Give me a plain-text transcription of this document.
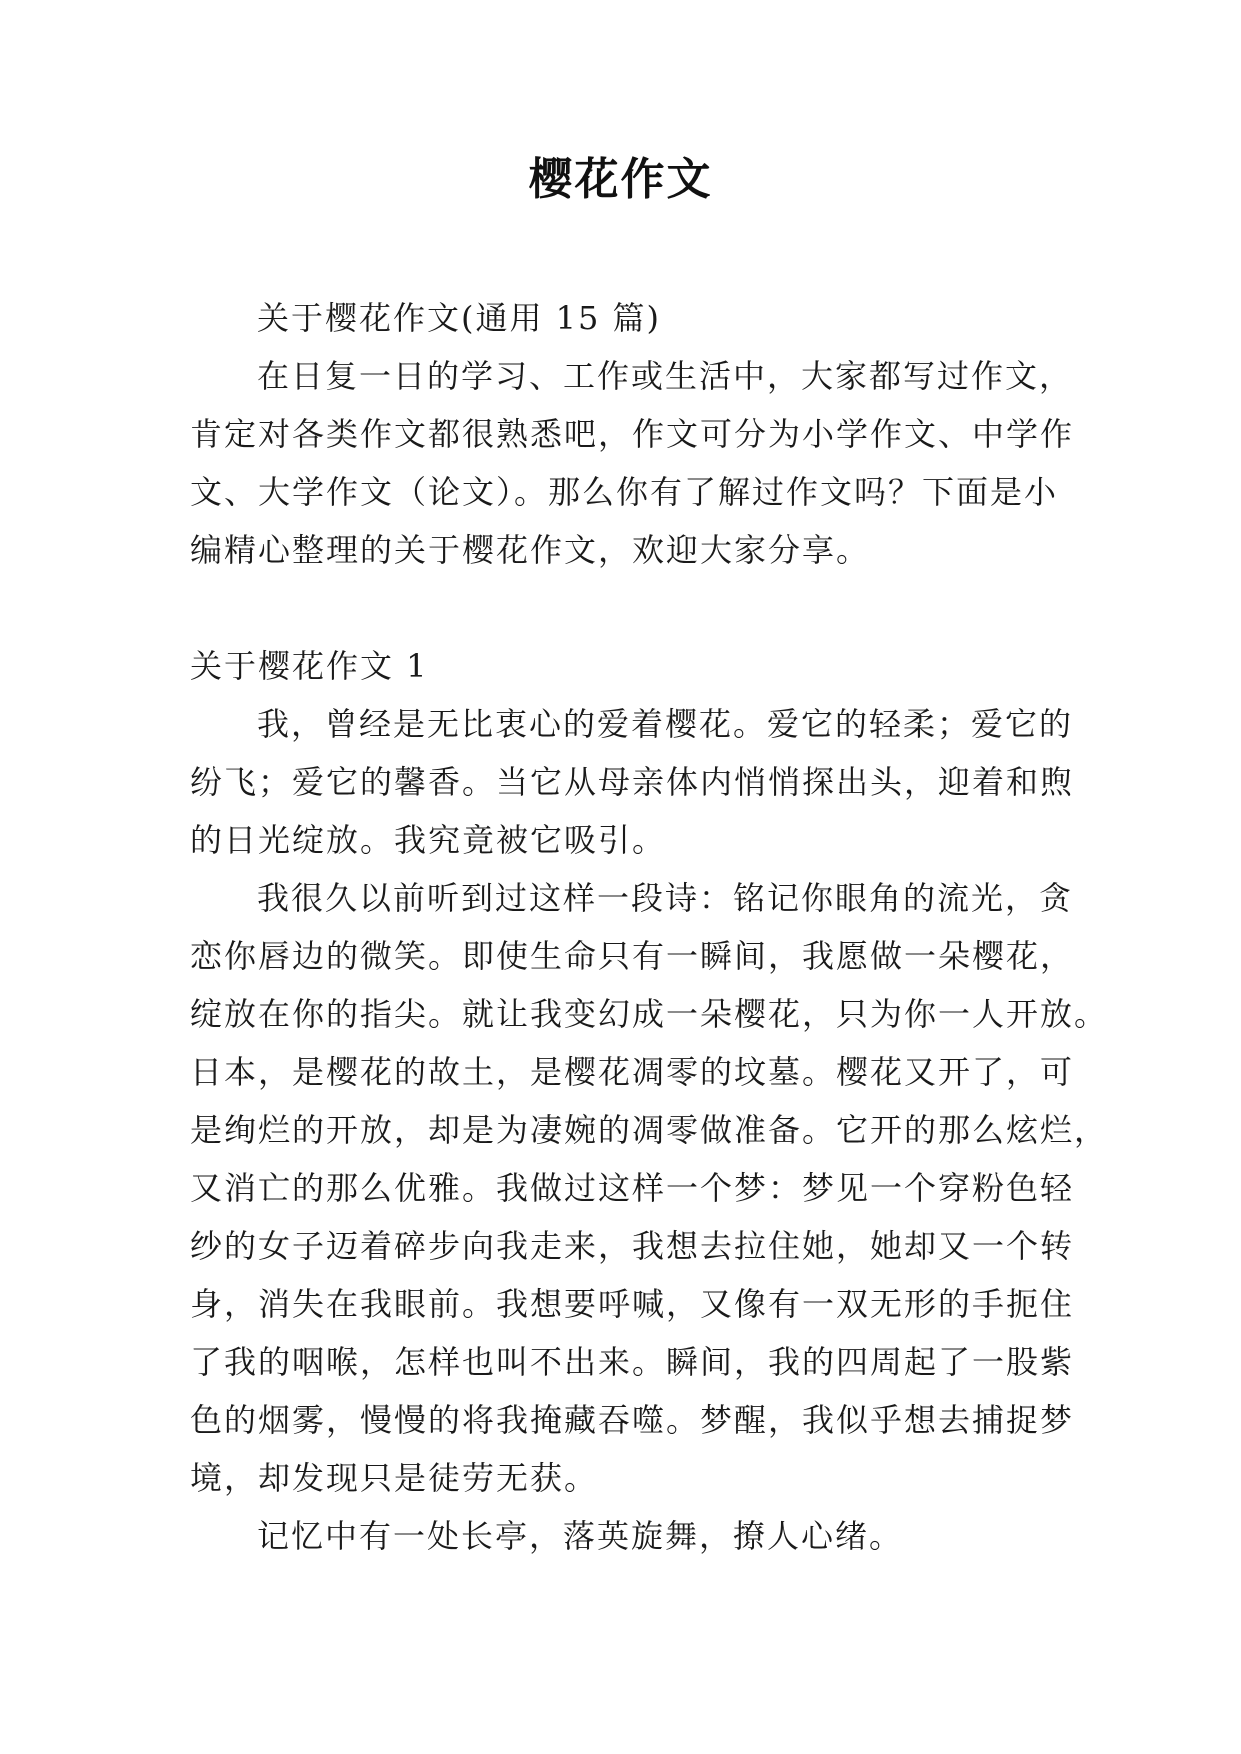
樱花作文
关于樱花作文(通用 15 篇)
在日复一日的学习、工作或生活中，大家都写过作文，
肯定对各类作文都很熟悉吧，作文可分为小学作文、中学作
文、大学作文（论文）。那么你有了解过作文吗？下面是小
编精心整理的关于樱花作文，欢迎大家分享。
关于樱花作文 1
我，曾经是无比衷心的爱着樱花。爱它的轻柔；爱它的
纷飞；爱它的馨香。当它从母亲体内悄悄探出头，迎着和煦
的日光绽放。我究竟被它吸引。
我很久以前听到过这样一段诗：铭记你眼角的流光，贪
恋你唇边的微笑。即使生命只有一瞬间，我愿做一朵樱花，
绽放在你的指尖。就让我变幻成一朵樱花，只为你一人开放。
日本，是樱花的故土，是樱花凋零的坟墓。樱花又开了，可
是绚烂的开放，却是为凄婉的凋零做准备。它开的那么炫烂，
又消亡的那么优雅。我做过这样一个梦：梦见一个穿粉色轻
纱的女子迈着碎步向我走来，我想去拉住她，她却又一个转
身，消失在我眼前。我想要呼喊，又像有一双无形的手扼住
了我的咽喉，怎样也叫不出来。瞬间，我的四周起了一股紫
色的烟雾，慢慢的将我掩藏吞噬。梦醒，我似乎想去捕捉梦
境，却发现只是徒劳无获。
记忆中有一处长亭，落英旋舞，撩人心绪。
